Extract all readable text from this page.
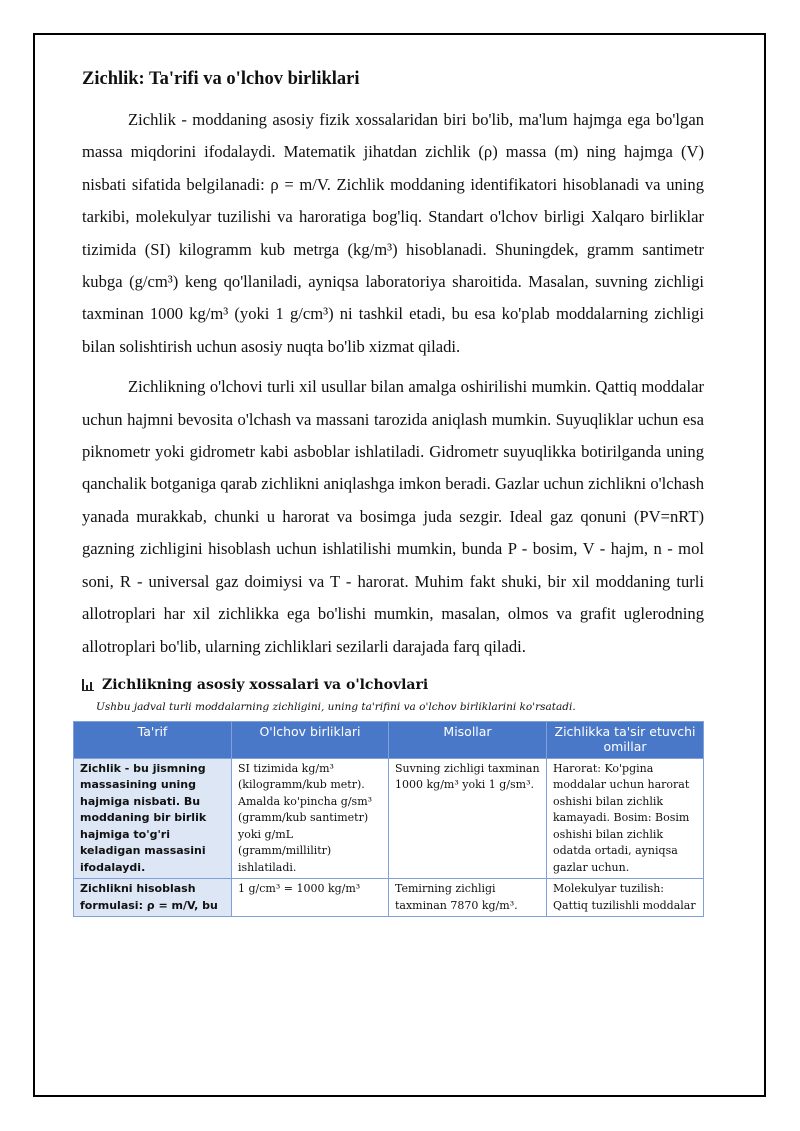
Zichlik: Ta'rifi va o'lchov birliklari

Zichlik - moddaning asosiy fizik xossalaridan biri bo'lib, ma'lum hajmga ega bo'lgan massa miqdorini ifodalaydi. Matematik jihatdan zichlik (ρ) massa (m) ning hajmga (V) nisbati sifatida belgilanadi: ρ = m/V. Zichlik moddaning identifikatori hisoblanadi va uning tarkibi, molekulyar tuzilishi va haroratiga bog'liq. Standart o'lchov birligi Xalqaro birliklar tizimida (SI) kilogramm kub metrga (kg/m³) hisoblanadi. Shuningdek, gramm santimetr kubga (g/cm³) keng qo'llaniladi, ayniqsa laboratoriya sharoitida. Masalan, suvning zichligi taxminan 1000 kg/m³ (yoki 1 g/cm³) ni tashkil etadi, bu esa ko'plab moddalarning zichligi bilan solishtirish uchun asosiy nuqta bo'lib xizmat qiladi.

Zichlikning o'lchovi turli xil usullar bilan amalga oshirilishi mumkin. Qattiq moddalar uchun hajmni bevosita o'lchash va massani tarozida aniqlash mumkin. Suyuqliklar uchun esa piknometr yoki gidrometr kabi asboblar ishlatiladi. Gidrometr suyuqlikka botirilganda uning qanchalik botganiga qarab zichlikni aniqlashga imkon beradi. Gazlar uchun zichlikni o'lchash yanada murakkab, chunki u harorat va bosimga juda sezgir. Ideal gaz qonuni (PV=nRT) gazning zichligini hisoblash uchun ishlatilishi mumkin, bunda P - bosim, V - hajm, n - mol soni, R - universal gaz doimiysi va T - harorat. Muhim fakt shuki, bir xil moddaning turli allotroplari har xil zichlikka ega bo'lishi mumkin, masalan, olmos va grafit uglerodning allotroplari bo'lib, ularning zichliklari sezilarli darajada farq qiladi.

Zichlikning asosiy xossalari va o'lchovlari
Ushbu jadval turli moddalarning zichligini, uning ta'rifini va o'lchov birliklarini ko'rsatadi.
Ta'rif	O'lchov birliklari	Misollar	Zichlikka ta'sir etuvchi omillar
Zichlik - bu jismning massasining uning hajmiga nisbati. Bu moddaning bir birlik hajmiga to'g'ri keladigan massasini ifodalaydi.	SI tizimida kg/m³ (kilogramm/kub metr). Amalda ko'pincha g/sm³ (gramm/kub santimetr) yoki g/mL (gramm/millilitr) ishlatiladi.	Suvning zichligi taxminan 1000 kg/m³ yoki 1 g/sm³.	Harorat: Ko'pgina moddalar uchun harorat oshishi bilan zichlik kamayadi. Bosim: Bosim oshishi bilan zichlik odatda ortadi, ayniqsa gazlar uchun.
Zichlikni hisoblash formulasi: ρ = m/V, bu	1 g/cm³ = 1000 kg/m³	Temirning zichligi taxminan 7870 kg/m³.	Molekulyar tuzilish: Qattiq tuzilishli moddalar
